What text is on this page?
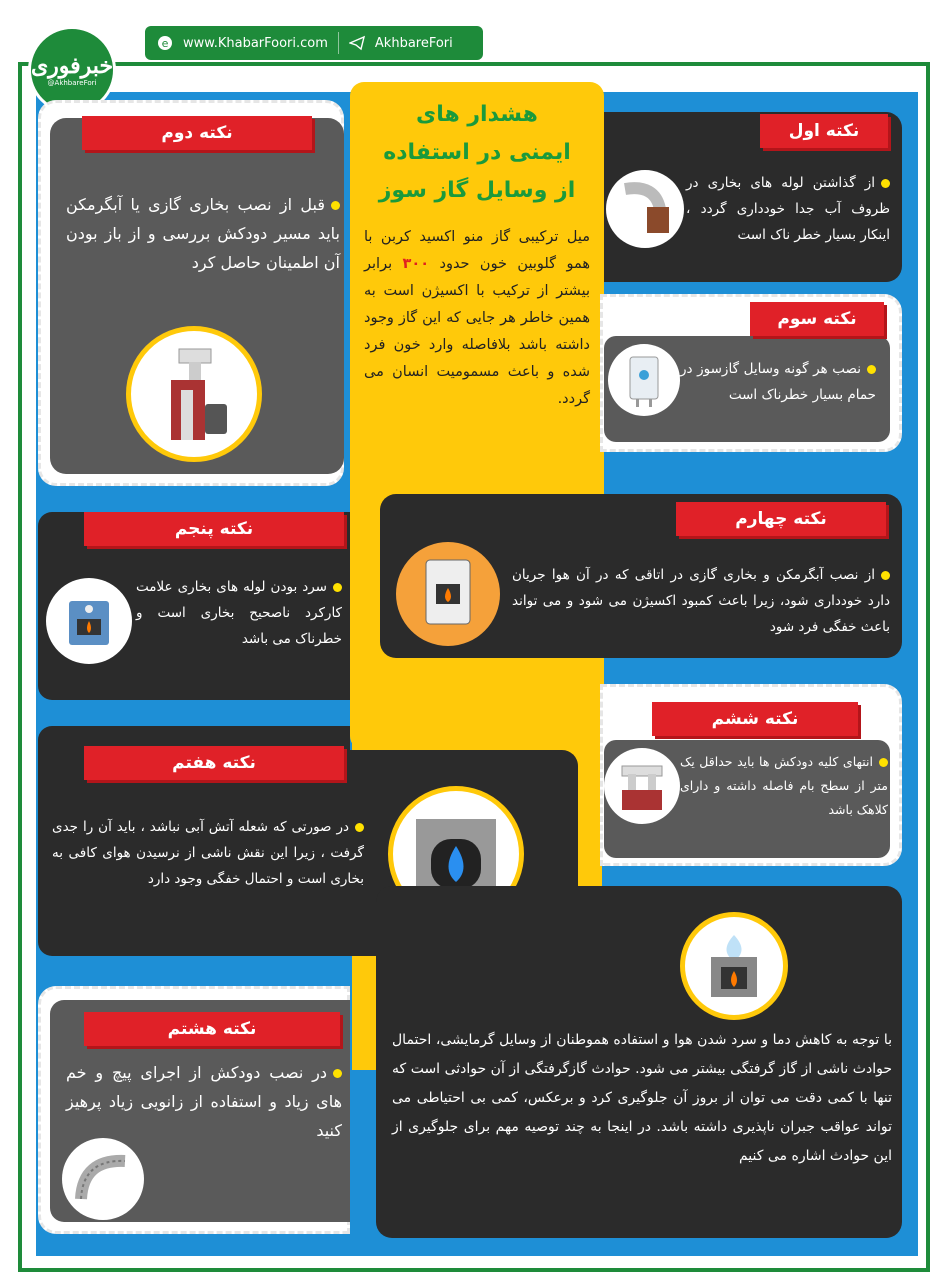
e www.KhabarFoori.com	AkhbareFori
خبرفوری
@AkhbareFori
هشدار های
ایمنی در استفاده
از وسایل گاز سوز
میل ترکیبی گاز منو اکسید کربن با همو گلوبین خون حدود ۳۰۰ برابر بیشتر از ترکیب با اکسیژن است به همین خاطر هر جایی که این گاز وجود داشته باشد بلافاصله وارد خون فرد شده و باعث مسمومیت انسان می گردد.
نکته دوم
قبل از نصب بخاری گازی یا آبگرمکن باید مسیر دودکش بررسی و از باز بودن آن اطمینان حاصل کرد
نکته اول
از گذاشتن لوله های بخاری در ظروف آب جدا خودداری گردد ، اینکار بسیار خطر ناک است
نکته سوم
نصب هر گونه وسایل گازسوز در حمام بسیار خطرناک است
نکته چهارم
از نصب آبگرمکن و بخاری گازی در اتاقی که در آن هوا جریان دارد خودداری شود، زیرا باعث کمبود اکسیژن می شود و می تواند باعث خفگی فرد شود
نکته پنجم
سرد بودن لوله های بخاری علامت کارکرد ناصحیح بخاری است و خطرناک می باشد
نکته ششم
انتهای کلیه دودکش ها باید حداقل یک متر از سطح بام فاصله داشته و دارای کلاهک باشد
نکته هفتم
در صورتی که شعله آتش آبی نباشد ، باید آن را جدی گرفت ، زیرا این نقش ناشی از نرسیدن هوای کافی به بخاری است و احتمال خفگی وجود دارد
نکته هشتم
در نصب دودکش از اجرای پیچ و خم های زیاد و استفاده از زانویی زیاد پرهیز کنید
با توجه به کاهش دما و سرد شدن هوا و استفاده هموطنان از وسایل گرمایشی، احتمال حوادث ناشی از گاز گرفتگی بیشتر می شود. حوادث گازگرفتگی از آن حوادثی است که تنها با کمی دقت می توان از بروز آن جلوگیری کرد و برعکس، کمی بی احتیاطی می تواند عواقب جبران ناپذیری داشته باشد. در اینجا به چند توصیه مهم برای جلوگیری از این حوادث اشاره می کنیم
